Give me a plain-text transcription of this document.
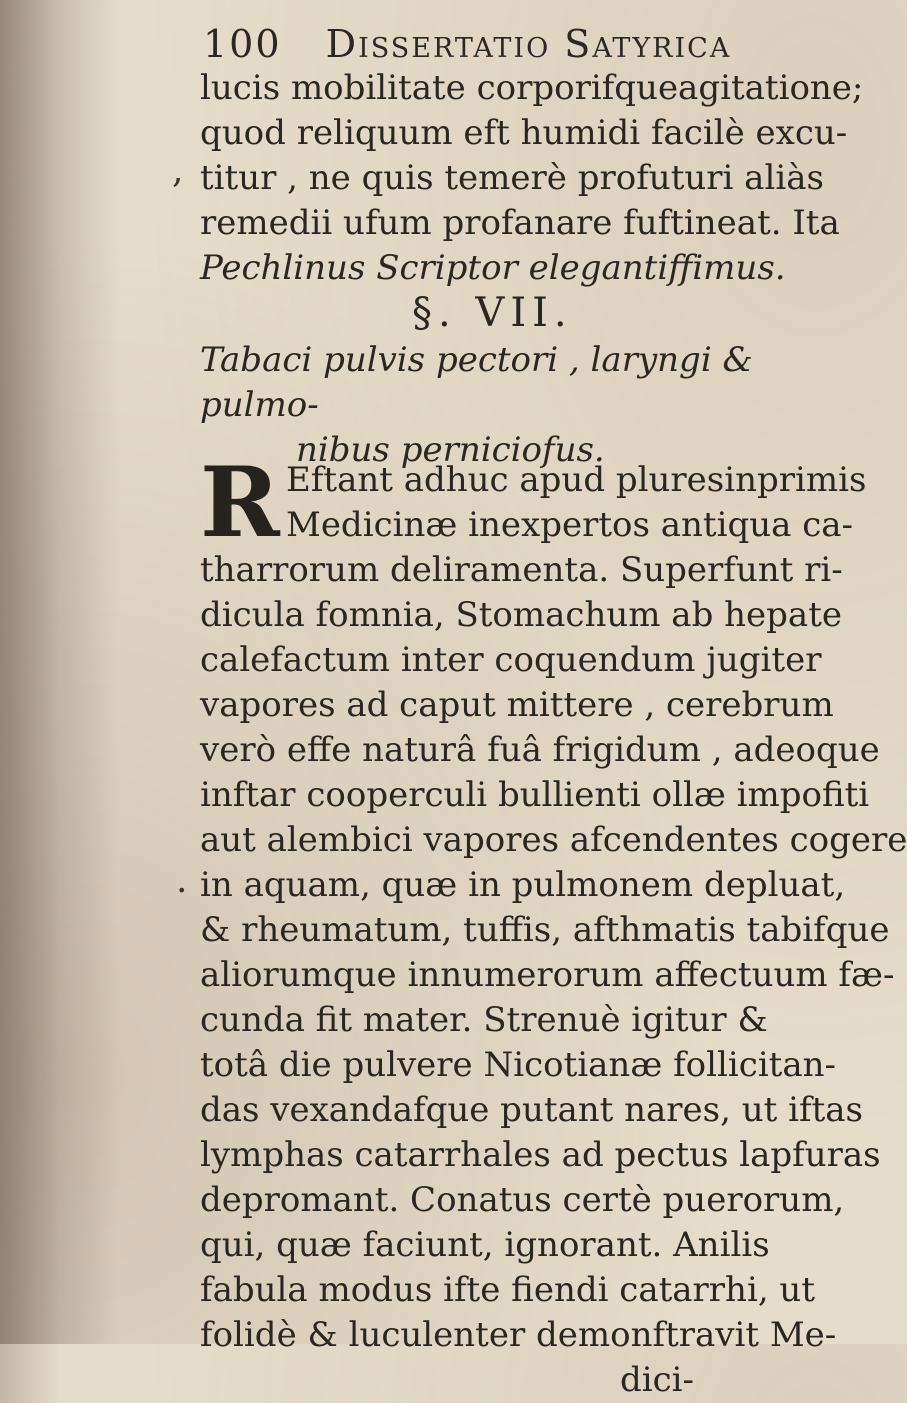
100 Dissertatio Satyrica
lucis mobilitate corporifqueagitatione;
quod reliquum eft humidi facilè excu-
titur , ne quis temerè profuturi aliàs
remedii ufum profanare fuftineat. Ita
Pechlinus Scriptor elegantiffimus.
§. VII.
Tabaci pulvis pectori , laryngi & pulmo-
nibus perniciofus.
R Eftant adhuc apud pluresinprimis
Medicinæ inexpertos antiqua ca-
tharrorum deliramenta. Superfunt ri-
dicula fomnia, Stomachum ab hepate
calefactum inter coquendum jugiter
vapores ad caput mittere , cerebrum
verò effe naturâ fuâ frigidum , adeoque
inftar cooperculi bullienti ollæ impofiti
aut alembici vapores afcendentes cogere
in aquam, quæ in pulmonem depluat,
& rheumatum, tuffis, afthmatis tabifque
aliorumque innumerorum affectuum fæ-
cunda fit mater. Strenuè igitur &
totâ die pulvere Nicotianæ follicitan-
das vexandafque putant nares, ut iftas
lymphas catarrhales ad pectus lapfuras
depromant. Conatus certè puerorum,
qui, quæ faciunt, ignorant. Anilis
fabula modus ifte fiendi catarrhi, ut
folidè & luculenter demonftravit Me-
dici-
,
.
